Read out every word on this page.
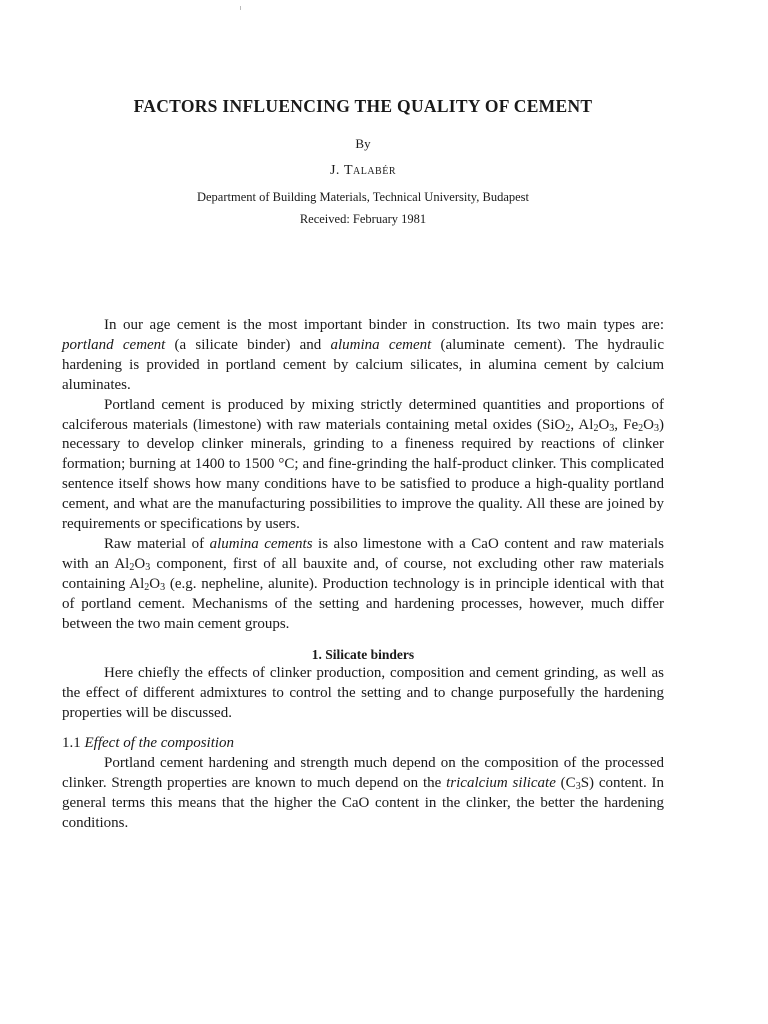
FACTORS INFLUENCING THE QUALITY OF CEMENT
By
J. Talabér
Department of Building Materials, Technical University, Budapest
Received: February 1981

In our age cement is the most important binder in construction. Its two main types are: portland cement (a silicate binder) and alumina cement (aluminate cement). The hydraulic hardening is provided in portland cement by calcium silicates, in alumina cement by calcium aluminates.

Portland cement is produced by mixing strictly determined quantities and proportions of calciferous materials (limestone) with raw materials containing metal oxides (SiO$_2$, $Al_2O_3$, $Fe_2O_3$) necessary to develop clinker minerals, grinding to a fineness required by reactions of clinker formation; burning at 1400 to 1500 °C; and fine-grinding the half-product clinker. This complicated sentence itself shows how many conditions have to be satisfied to produce a high-quality portland cement, and what are the manufacturing possibilities to improve the quality. All these are joined by requirements or specifications by users.

Raw material of alumina cements is also limestone with a CaO content and raw materials with an $Al_2O_3$ component, first of all bauxite and, of course, not excluding other raw materials containing $Al_2O_3$ (e.g. nepheline, alunite). Production technology is in principle identical with that of portland cement. Mechanisms of the setting and hardening processes, however, much differ between the two main cement groups.

1. Silicate binders

Here chiefly the effects of clinker production, composition and cement grinding, as well as the effect of different admixtures to control the setting and to change purposefully the hardening properties will be discussed.

1.1 Effect of the composition

Portland cement hardening and strength much depend on the composition of the processed clinker. Strength properties are known to much depend on the tricalcium silicate $(C_3S)$ content. In general terms this means that the higher the CaO content in the clinker, the better the hardening conditions.
